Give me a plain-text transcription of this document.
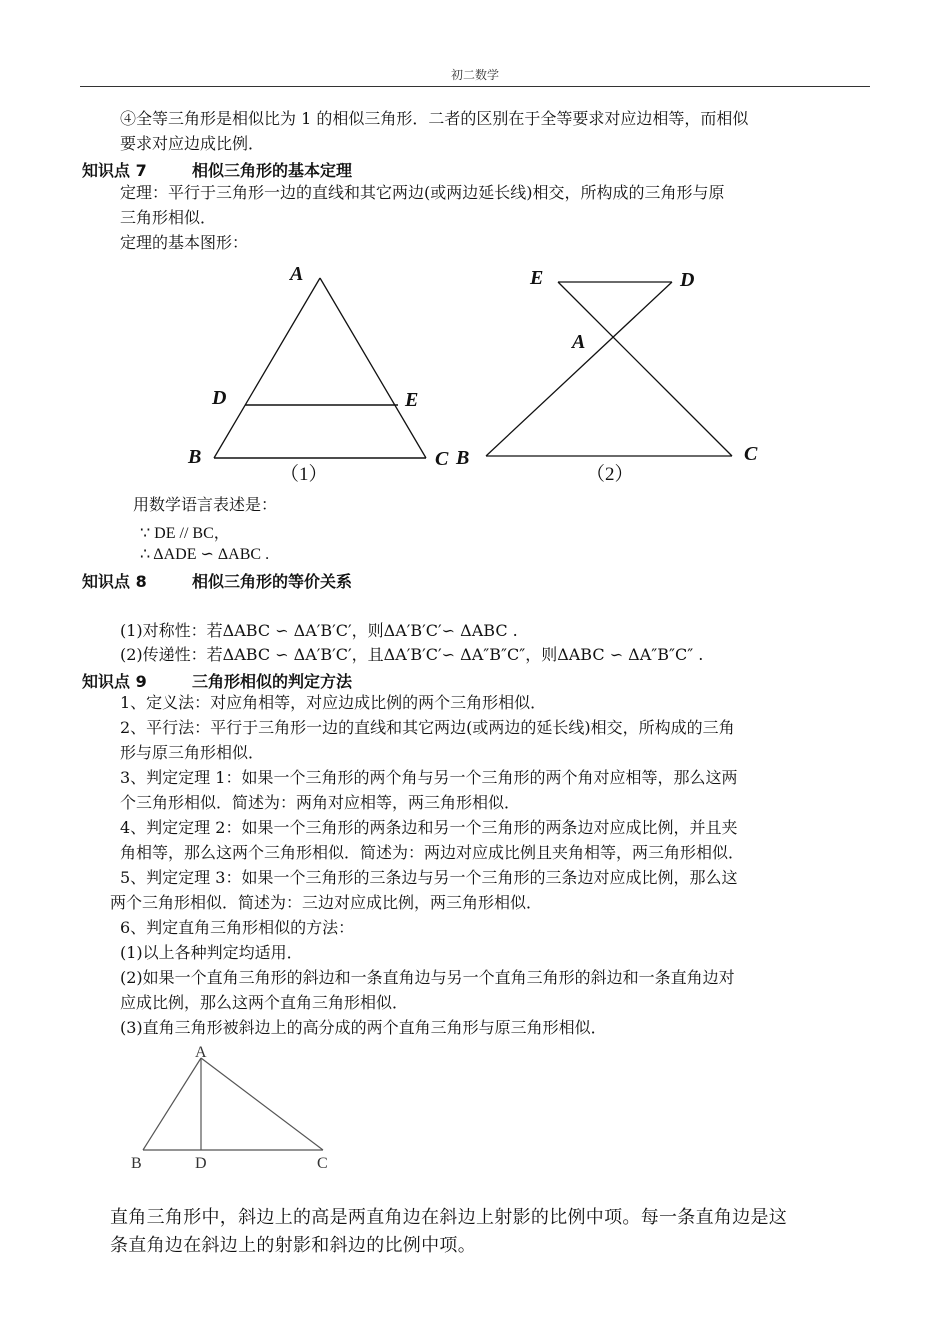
初二数学
④全等三角形是相似比为 1 的相似三角形．二者的区别在于全等要求对应边相等，而相似
要求对应边成比例．
知识点 7	相似三角形的基本定理
定理：平行于三角形一边的直线和其它两边(或两边延长线)相交，所构成的三角形与原
三角形相似．
定理的基本图形：
A
D	E
B	C
（1）
E	D
A
B	C
（2）
用数学语言表述是：
∵ DE // BC，
∴ ΔADE ∽ ΔABC .
知识点 8	相似三角形的等价关系
(1)对称性：若ΔABC ∽ ΔA′B′C′，则ΔA′B′C′∽ ΔABC .
(2)传递性：若ΔABC ∽ ΔA′B′C′，且ΔA′B′C′∽ ΔA″B″C″，则ΔABC ∽ ΔA″B″C″ .
知识点 9	三角形相似的判定方法
1、定义法：对应角相等，对应边成比例的两个三角形相似．
2、平行法：平行于三角形一边的直线和其它两边(或两边的延长线)相交，所构成的三角
形与原三角形相似．
3、判定定理 1：如果一个三角形的两个角与另一个三角形的两个角对应相等，那么这两
个三角形相似．简述为：两角对应相等，两三角形相似．
4、判定定理 2：如果一个三角形的两条边和另一个三角形的两条边对应成比例，并且夹
角相等，那么这两个三角形相似．简述为：两边对应成比例且夹角相等，两三角形相似．
5、判定定理 3：如果一个三角形的三条边与另一个三角形的三条边对应成比例，那么这
两个三角形相似．简述为：三边对应成比例，两三角形相似．
6、判定直角三角形相似的方法：
(1)以上各种判定均适用．
(2)如果一个直角三角形的斜边和一条直角边与另一个直角三角形的斜边和一条直角边对
应成比例，那么这两个直角三角形相似．
(3)直角三角形被斜边上的高分成的两个直角三角形与原三角形相似．
A
B	D	C
直角三角形中，斜边上的高是两直角边在斜边上射影的比例中项。每一条直角边是这
条直角边在斜边上的射影和斜边的比例中项。
